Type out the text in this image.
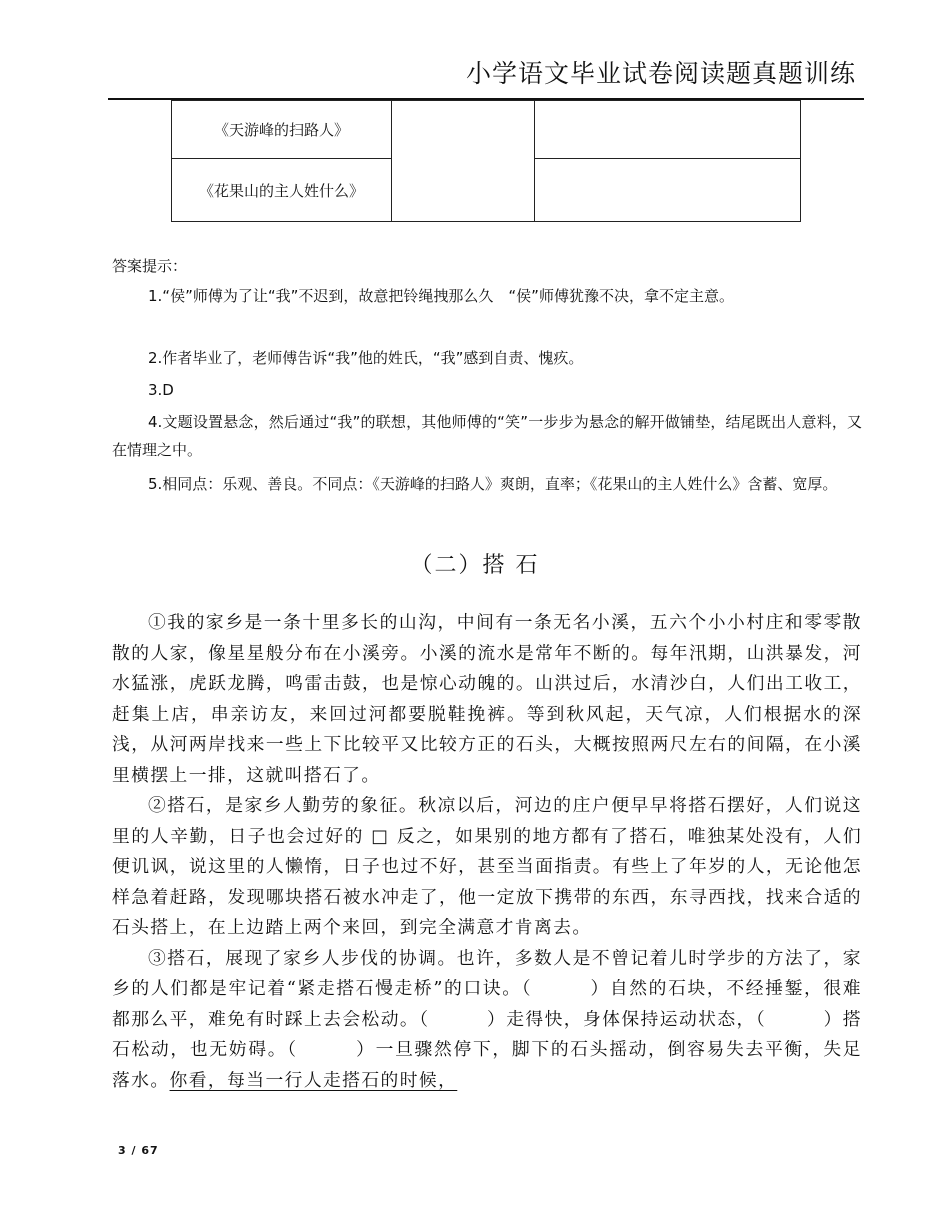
小学语文毕业试卷阅读题真题训练
《天游峰的扫路人》		
《花果山的主人姓什么》		
答案提示：
1.“侯”师傅为了让“我”不迟到，故意把铃绳拽那么久　“侯”师傅犹豫不决，拿不定主意。
2.作者毕业了，老师傅告诉“我”他的姓氏，“我”感到自责、愧疚。
3.D
4.文题设置悬念，然后通过“我”的联想，其他师傅的“笑”一步步为悬念的解开做铺垫，结尾既出人意料，又在情理之中。
5.相同点：乐观、善良。不同点：《天游峰的扫路人》爽朗，直率；《花果山的主人姓什么》含蓄、宽厚。
（二）搭 石

①我的家乡是一条十里多长的山沟，中间有一条无名小溪，五六个小小村庄和零零散散的人家，像星星般分布在小溪旁。小溪的流水是常年不断的。每年汛期，山洪暴发，河水猛涨，虎跃龙腾，鸣雷击鼓，也是惊心动魄的。山洪过后，水清沙白，人们出工收工，赶集上店，串亲访友，来回过河都要脱鞋挽裤。等到秋风起，天气凉，人们根据水的深浅，从河两岸找来一些上下比较平又比较方正的石头，大概按照两尺左右的间隔，在小溪里横摆上一排，这就叫搭石了。

②搭石，是家乡人勤劳的象征。秋凉以后，河边的庄户便早早将搭石摆好，人们说这里的人辛勤，日子也会过好的 □ 反之，如果别的地方都有了搭石，唯独某处没有，人们便讥讽，说这里的人懒惰，日子也过不好，甚至当面指责。有些上了年岁的人，无论他怎样急着赶路，发现哪块搭石被水冲走了，他一定放下携带的东西，东寻西找，找来合适的石头搭上，在上边踏上两个来回，到完全满意才肯离去。

③搭石，展现了家乡人步伐的协调。也许，多数人是不曾记着儿时学步的方法了，家乡的人们都是牢记着“紧走搭石慢走桥”的口诀。（　　　）自然的石块，不经捶錾，很难都那么平，难免有时踩上去会松动。（　　　）走得快，身体保持运动状态，（　　　）搭石松动，也无妨碍。（　　　）一旦骤然停下，脚下的石头摇动，倒容易失去平衡，失足落水。你看，每当一行人走搭石的时候，

3 / 67
